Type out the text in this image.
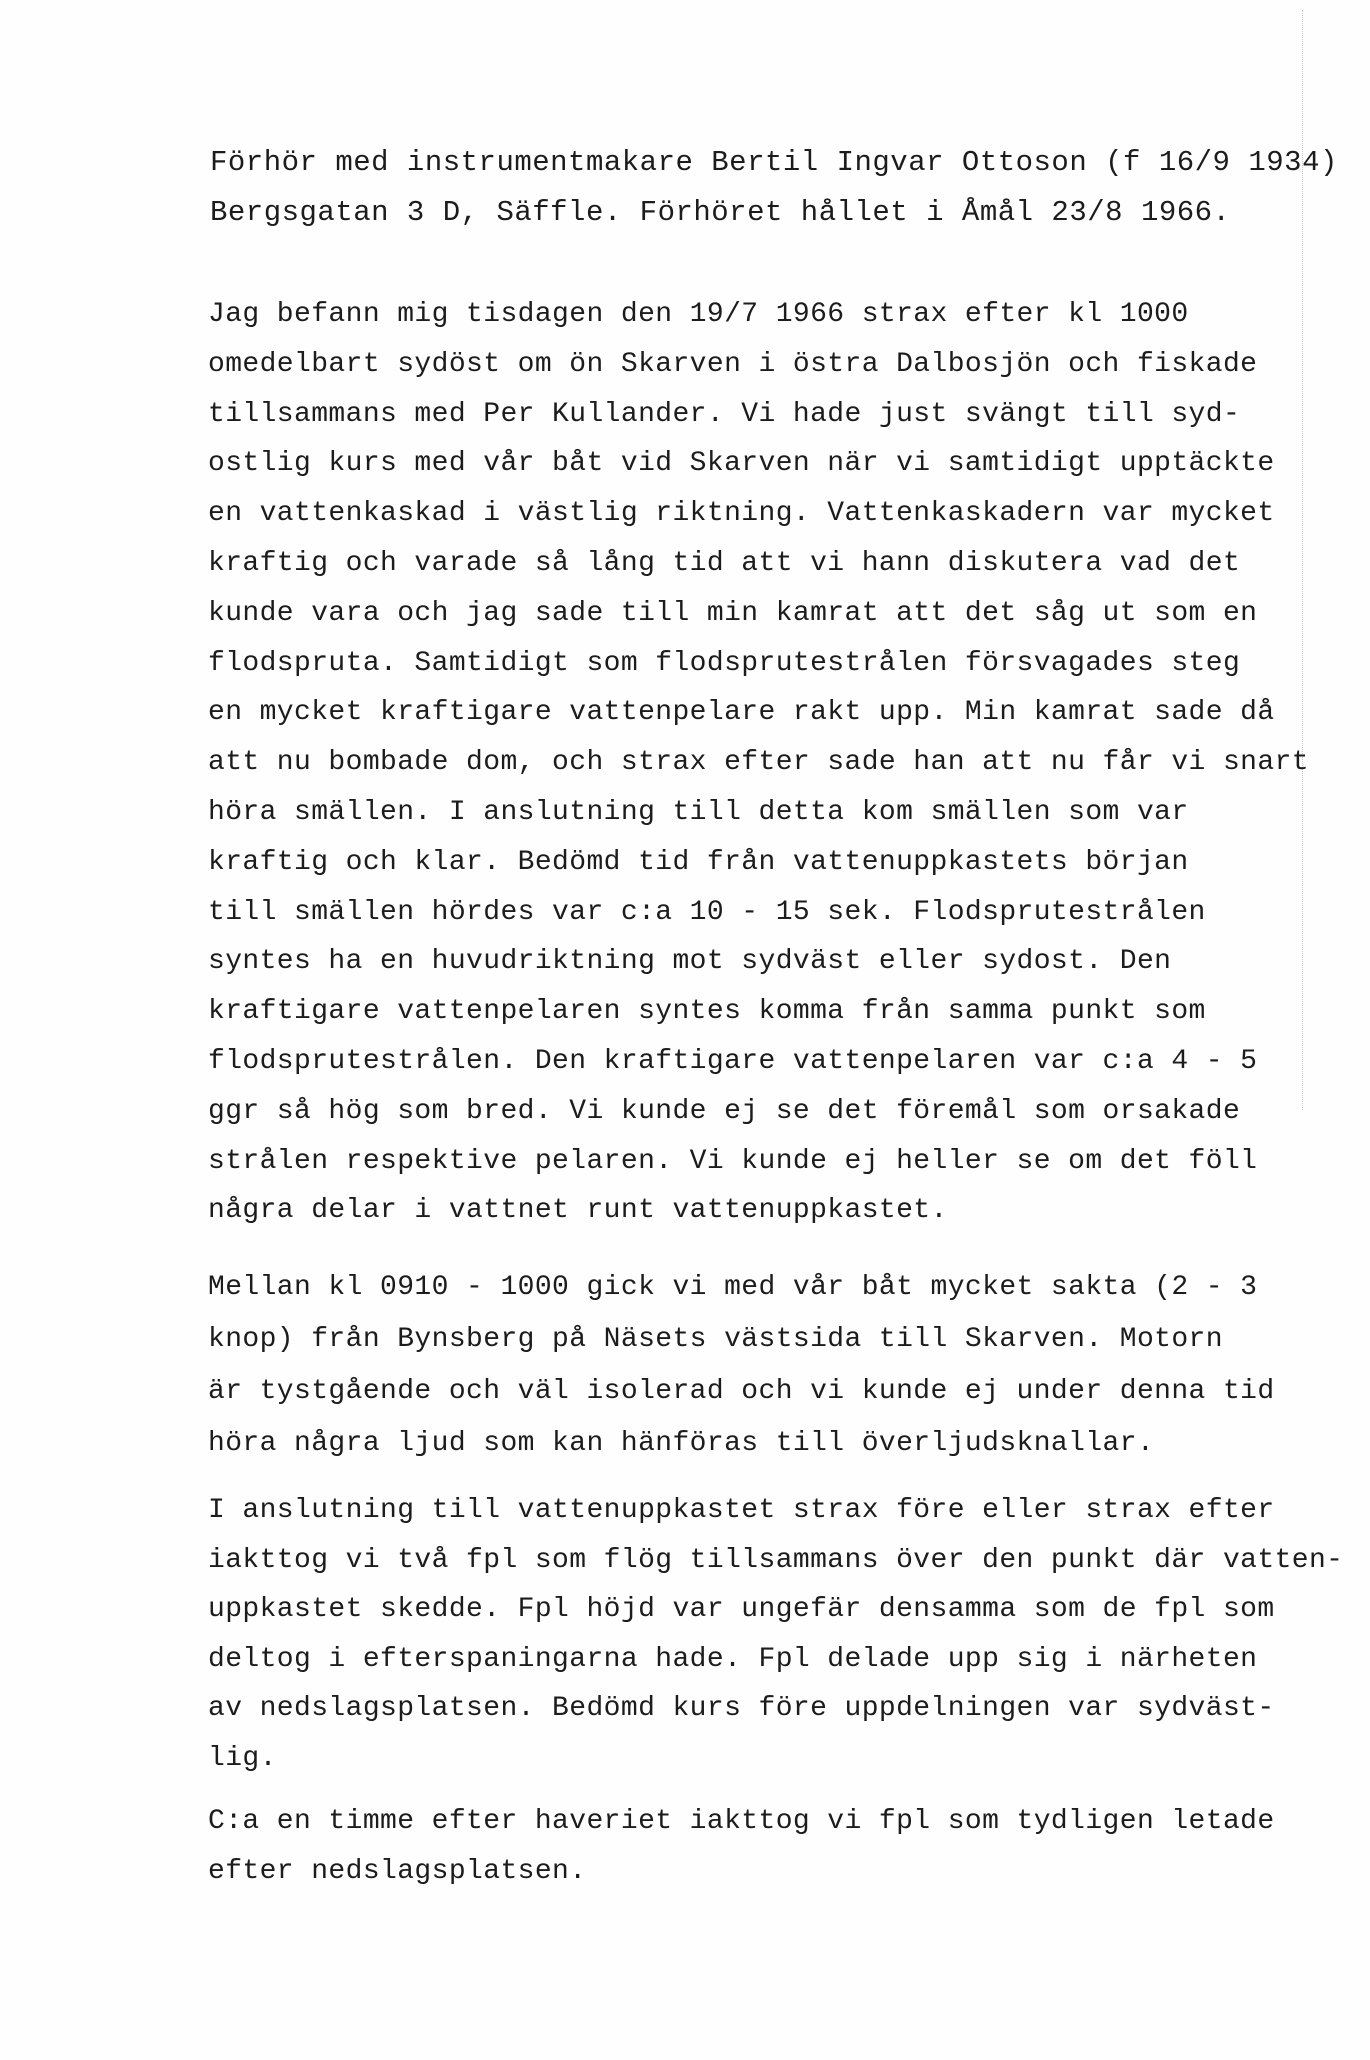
Förhör med instrumentmakare Bertil Ingvar Ottoson (f 16/9 1934)
Bergsgatan 3 D, Säffle. Förhöret hållet i Åmål 23/8 1966.
Jag befann mig tisdagen den 19/7 1966 strax efter kl 1000
omedelbart sydöst om ön Skarven i östra Dalbosjön och fiskade
tillsammans med Per Kullander. Vi hade just svängt till syd-
ostlig kurs med vår båt vid Skarven när vi samtidigt upptäckte
en vattenkaskad i västlig riktning. Vattenkaskadern var mycket
kraftig och varade så lång tid att vi hann diskutera vad det
kunde vara och jag sade till min kamrat att det såg ut som en
flodspruta. Samtidigt som flodsprutestrålen försvagades steg
en mycket kraftigare vattenpelare rakt upp. Min kamrat sade då
att nu bombade dom, och strax efter sade han att nu får vi snart
höra smällen. I anslutning till detta kom smällen som var
kraftig och klar. Bedömd tid från vattenuppkastets början
till smällen hördes var c:a 10 - 15 sek. Flodsprutestrålen
syntes ha en huvudriktning mot sydväst eller sydost. Den
kraftigare vattenpelaren syntes komma från samma punkt som
flodsprutestrålen. Den kraftigare vattenpelaren var c:a 4 - 5
ggr så hög som bred. Vi kunde ej se det föremål som orsakade
strålen respektive pelaren. Vi kunde ej heller se om det föll
några delar i vattnet runt vattenuppkastet.
Mellan kl 0910 - 1000 gick vi med vår båt mycket sakta (2 - 3
knop) från Bynsberg på Näsets västsida till Skarven. Motorn
är tystgående och väl isolerad och vi kunde ej under denna tid
höra några ljud som kan hänföras till överljudsknallar.
I anslutning till vattenuppkastet strax före eller strax efter
iakttog vi två fpl som flög tillsammans över den punkt där vatten-
uppkastet skedde. Fpl höjd var ungefär densamma som de fpl som
deltog i efterspaningarna hade. Fpl delade upp sig i närheten
av nedslagsplatsen. Bedömd kurs före uppdelningen var sydväst-
lig.
C:a en timme efter haveriet iakttog vi fpl som tydligen letade
efter nedslagsplatsen.
